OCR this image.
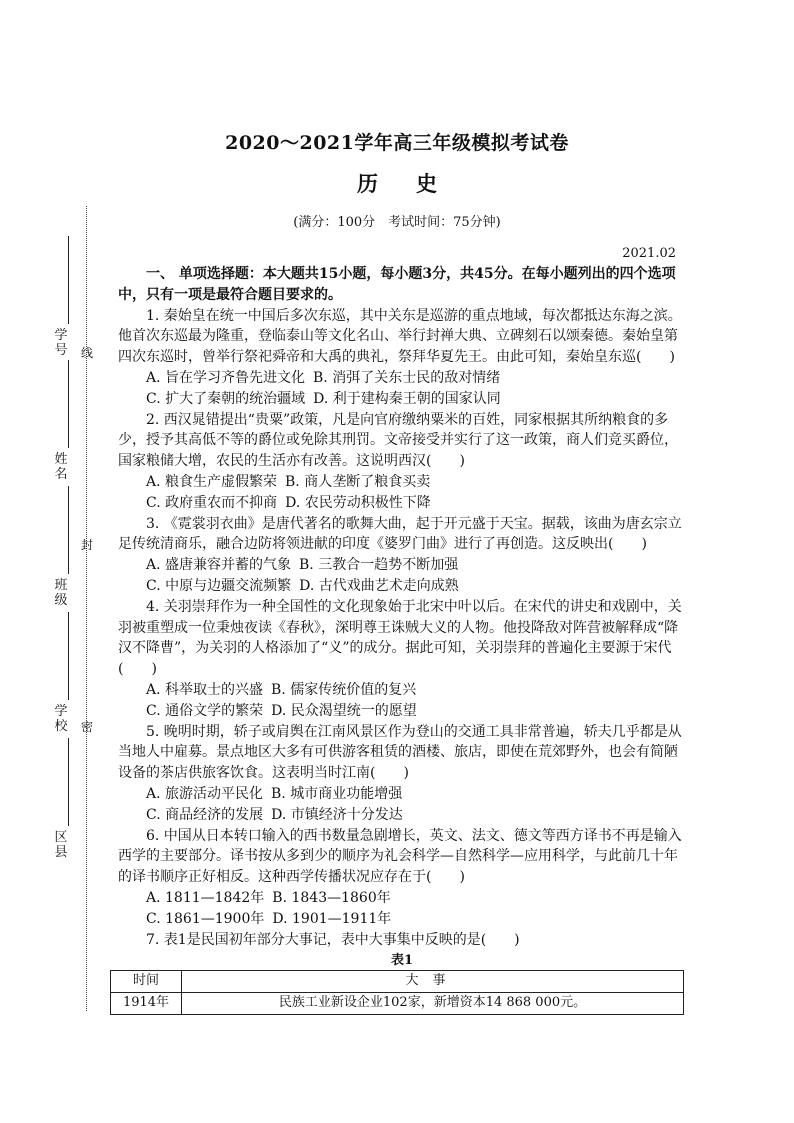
线
封
密
学号
姓名
班级
学校
区县
2020～2021学年高三年级模拟考试卷
历史
(满分：100分　考试时间：75分钟)
2021.02

一、 单项选择题：本大题共15小题，每小题3分，共45分。在每小题列出的四个选项中，只有一项是最符合题目要求的。

1. 秦始皇在统一中国后多次东巡，其中关东是巡游的重点地域，每次都抵达东海之滨。他首次东巡最为隆重，登临泰山等文化名山、举行封禅大典、立碑刻石以颂秦德。秦始皇第四次东巡时，曾举行祭祀舜帝和大禹的典礼，祭拜华夏先王。由此可知，秦始皇东巡(　　)

A. 旨在学习齐鲁先进文化 B. 消弭了关东士民的敌对情绪

C. 扩大了秦朝的统治疆域 D. 利于建构秦王朝的国家认同

2. 西汉晁错提出“贵粟”政策，凡是向官府缴纳粟米的百姓，同家根据其所纳粮食的多少，授予其高低不等的爵位或免除其刑罚。文帝接受并实行了这一政策，商人们竞买爵位，国家粮储大增，农民的生活亦有改善。这说明西汉(　　)

A. 粮食生产虚假繁荣 B. 商人垄断了粮食买卖

C. 政府重农而不抑商 D. 农民劳动积极性下降

3. 《霓裳羽衣曲》是唐代著名的歌舞大曲，起于开元盛于天宝。据载，该曲为唐玄宗立足传统清商乐，融合边防将领进献的印度《婆罗门曲》进行了再创造。这反映出(　　)

A. 盛唐兼容并蓄的气象 B. 三教合一趋势不断加强

C. 中原与边疆交流频繁 D. 古代戏曲艺术走向成熟

4. 关羽崇拜作为一种全国性的文化现象始于北宋中叶以后。在宋代的讲史和戏剧中，关羽被重塑成一位秉烛夜读《春秋》，深明尊王诛贼大义的人物。他投降敌对阵营被解释成“降汉不降曹”，为关羽的人格添加了“义”的成分。据此可知，关羽崇拜的普遍化主要源于宋代(　　)

A. 科举取士的兴盛 B. 儒家传统价值的复兴

C. 通俗文学的繁荣 D. 民众渴望统一的愿望

5. 晚明时期，轿子或肩舆在江南风景区作为登山的交通工具非常普遍，轿夫几乎都是从当地人中雇募。景点地区大多有可供游客租赁的酒楼、旅店，即使在荒郊野外，也会有简陋设备的茶店供旅客饮食。这表明当时江南(　　)

A. 旅游活动平民化 B. 城市商业功能增强

C. 商品经济的发展 D. 市镇经济十分发达

6. 中国从日本转口输入的西书数量急剧增长，英文、法文、德文等西方译书不再是输入西学的主要部分。译书按从多到少的顺序为礼会科学—自然科学—应用科学，与此前几十年的译书顺序正好相反。这种西学传播状况应存在于(　　)

A. 1811—1842年 B. 1843—1860年

C. 1861—1900年 D. 1901—1911年

7. 表1是民国初年部分大事记，表中大事集中反映的是(　　)

表1
时间	大事
1914年	民族工业新设企业102家，新增资本14 868 000元。
